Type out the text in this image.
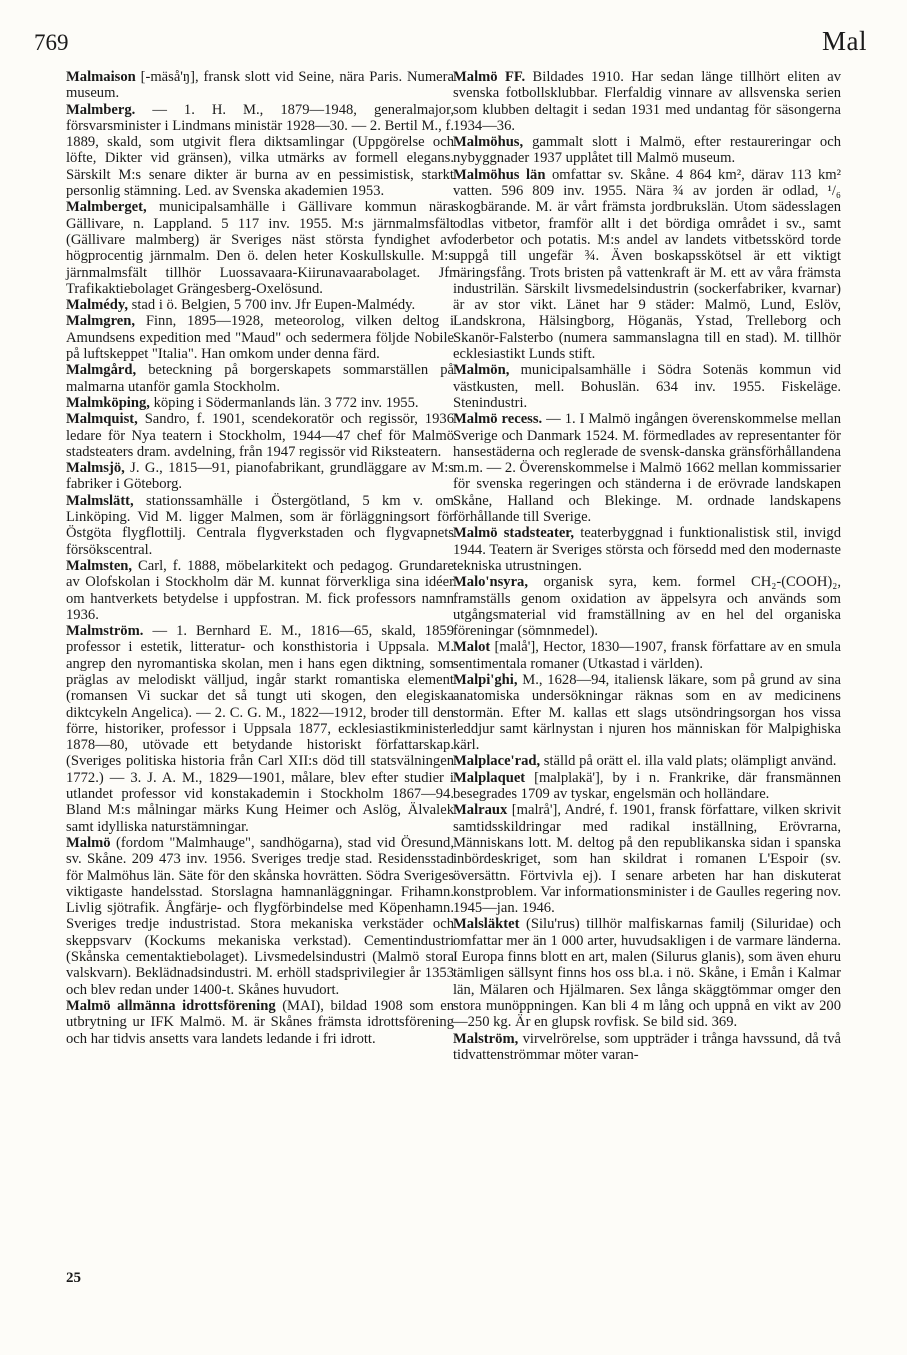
769	Mal

Malmaison [-mäså'ŋ], fransk slott vid Seine, nära Paris. Numera museum.

Malmberg. — 1. H. M., 1879—1948, generalmajor, försvarsminister i Lindmans ministär 1928—30. — 2. Bertil M., f. 1889, skald, som utgivit flera diktsamlingar (Uppgörelse och löfte, Dikter vid gränsen), vilka utmärks av formell elegans. Särskilt M:s senare dikter är burna av en pessimistisk, starkt personlig stämning. Led. av Svenska akademien 1953.

Malmberget, municipalsamhälle i Gällivare kommun nära Gällivare, n. Lappland. 5 117 inv. 1955. M:s järnmalmsfält (Gällivare malmberg) är Sveriges näst största fyndighet av högprocentig järnmalm. Den ö. delen heter Koskullskulle. M:s järnmalmsfält tillhör Luossavaara-Kiirunavaarabolaget. Jfr Trafikaktiebolaget Grängesberg-Oxelösund.

Malmédy, stad i ö. Belgien, 5 700 inv. Jfr Eupen-Malmédy.

Malmgren, Finn, 1895—1928, meteorolog, vilken deltog i Amundsens expedition med "Maud" och sedermera följde Nobile på luftskeppet "Italia". Han omkom under denna färd.

Malmgård, beteckning på borgerskapets sommarställen på malmarna utanför gamla Stockholm.

Malmköping, köping i Södermanlands län. 3 772 inv. 1955.

Malmquist, Sandro, f. 1901, scendekoratör och regissör, 1936 ledare för Nya teatern i Stockholm, 1944—47 chef för Malmö stadsteaters dram. avdelning, från 1947 regissör vid Riksteatern.

Malmsjö, J. G., 1815—91, pianofabrikant, grundläggare av M:s fabriker i Göteborg.

Malmslätt, stationssamhälle i Östergötland, 5 km v. om Linköping. Vid M. ligger Malmen, som är förläggningsort för Östgöta flygflottilj. Centrala flygverkstaden och flygvapnets försökscentral.

Malmsten, Carl, f. 1888, möbelarkitekt och pedagog. Grundare av Olofskolan i Stockholm där M. kunnat förverkliga sina idéer om hantverkets betydelse i uppfostran. M. fick professors namn 1936.

Malmström. — 1. Bernhard E. M., 1816—65, skald, 1859 professor i estetik, litteratur- och konsthistoria i Uppsala. M. angrep den nyromantiska skolan, men i hans egen diktning, som präglas av melodiskt välljud, ingår starkt romantiska element (romansen Vi suckar det så tungt uti skogen, den elegiska diktcykeln Angelica). — 2. C. G. M., 1822—1912, broder till den förre, historiker, professor i Uppsala 1877, ecklesiastikminister 1878—80, utövade ett betydande historiskt författarskap. (Sveriges politiska historia från Carl XII:s död till statsvälningen 1772.) — 3. J. A. M., 1829—1901, målare, blev efter studier i utlandet professor vid konstakademin i Stockholm 1867—94. Bland M:s målningar märks Kung Heimer och Aslög, Älvalek samt idylliska naturstämningar.

Malmö (fordom "Malmhauge", sandhögarna), stad vid Öresund, sv. Skåne. 209 473 inv. 1956. Sveriges tredje stad. Residensstad för Malmöhus län. Säte för den skånska hovrätten. Södra Sveriges viktigaste handelsstad. Storslagna hamnanläggningar. Frihamn. Livlig sjötrafik. Ångfärje- och flygförbindelse med Köpenhamn. Sveriges tredje industristad. Stora mekaniska verkstäder och skeppsvarv (Kockums mekaniska verkstad). Cementindustri (Skånska cementaktiebolaget). Livsmedelsindustri (Malmö stora valskvarn). Beklädnadsindustri. M. erhöll stadsprivilegier år 1353 och blev redan under 1400-t. Skånes huvudort.

Malmö allmänna idrottsförening (MAI), bildad 1908 som en utbrytning ur IFK Malmö. M. är Skånes främsta idrottsförening och har tidvis ansetts vara landets ledande i fri idrott.

Malmö FF. Bildades 1910. Har sedan länge tillhört eliten av svenska fotbollsklubbar. Flerfaldig vinnare av allsvenska serien som klubben deltagit i sedan 1931 med undantag för säsongerna 1934—36.

Malmöhus, gammalt slott i Malmö, efter restaureringar och nybyggnader 1937 upplåtet till Malmö museum.

Malmöhus län omfattar sv. Skåne. 4 864 km², därav 113 km² vatten. 596 809 inv. 1955. Nära ¾ av jorden är odlad, ¹/₆ skogbärande. M. är vårt främsta jordbrukslän. Utom sädesslagen odlas vitbetor, framför allt i det bördiga området i sv., samt foderbetor och potatis. M:s andel av landets vitbetsskörd torde uppgå till ungefär ¾. Även boskapsskötsel är ett viktigt näringsfång. Trots bristen på vattenkraft är M. ett av våra främsta industrilän. Särskilt livsmedelsindustrin (sockerfabriker, kvarnar) är av stor vikt. Länet har 9 städer: Malmö, Lund, Eslöv, Landskrona, Hälsingborg, Höganäs, Ystad, Trelleborg och Skanör-Falsterbo (numera sammanslagna till en stad). M. tillhör ecklesiastikt Lunds stift.

Malmön, municipalsamhälle i Södra Sotenäs kommun vid västkusten, mell. Bohuslän. 634 inv. 1955. Fiskeläge. Stenindustri.

Malmö recess. — 1. I Malmö ingången överenskommelse mellan Sverige och Danmark 1524. M. förmedlades av representanter för hansestäderna och reglerade de svensk-danska gränsförhållandena m.m. — 2. Överenskommelse i Malmö 1662 mellan kommissarier för svenska regeringen och ständerna i de erövrade landskapen Skåne, Halland och Blekinge. M. ordnade landskapens förhållande till Sverige.

Malmö stadsteater, teaterbyggnad i funktionalistisk stil, invigd 1944. Teatern är Sveriges största och försedd med den modernaste tekniska utrustningen.

Malo'nsyra, organisk syra, kem. formel CH₂-(COOH)₂, framställs genom oxidation av äppelsyra och används som utgångsmaterial vid framställning av en hel del organiska föreningar (sömnmedel).

Malot [malå'], Hector, 1830—1907, fransk författare av en smula sentimentala romaner (Utkastad i världen).

Malpi'ghi, M., 1628—94, italiensk läkare, som på grund av sina anatomiska undersökningar räknas som en av medicinens stormän. Efter M. kallas ett slags utsöndringsorgan hos vissa leddjur samt kärlnystan i njuren hos människan för Malpighiska kärl.

Malplace'rad, ställd på orätt el. illa vald plats; olämpligt använd.

Malplaquet [malplakä'], by i n. Frankrike, där fransmännen besegrades 1709 av tyskar, engelsmän och holländare.

Malraux [malrå'], André, f. 1901, fransk författare, vilken skrivit samtidsskildringar med radikal inställning, Erövrarna, Människans lott. M. deltog på den republikanska sidan i spanska inbördeskriget, som han skildrat i romanen L'Espoir (sv. översättn. Förtvivla ej). I senare arbeten har han diskuterat konstproblem. Var informationsminister i de Gaulles regering nov. 1945—jan. 1946.

Malsläktet (Silu'rus) tillhör malfiskarnas familj (Siluridae) och omfattar mer än 1 000 arter, huvudsakligen i de varmare länderna. I Europa finns blott en art, malen (Silurus glanis), som även ehuru tämligen sällsynt finns hos oss bl.a. i nö. Skåne, i Emån i Kalmar län, Mälaren och Hjälmaren. Sex långa skäggtömmar omger den stora munöppningen. Kan bli 4 m lång och uppnå en vikt av 200—250 kg. Är en glupsk rovfisk. Se bild sid. 369.

Malström, virvelrörelse, som uppträder i trånga havssund, då två tidvattenströmmar möter varan-

25
